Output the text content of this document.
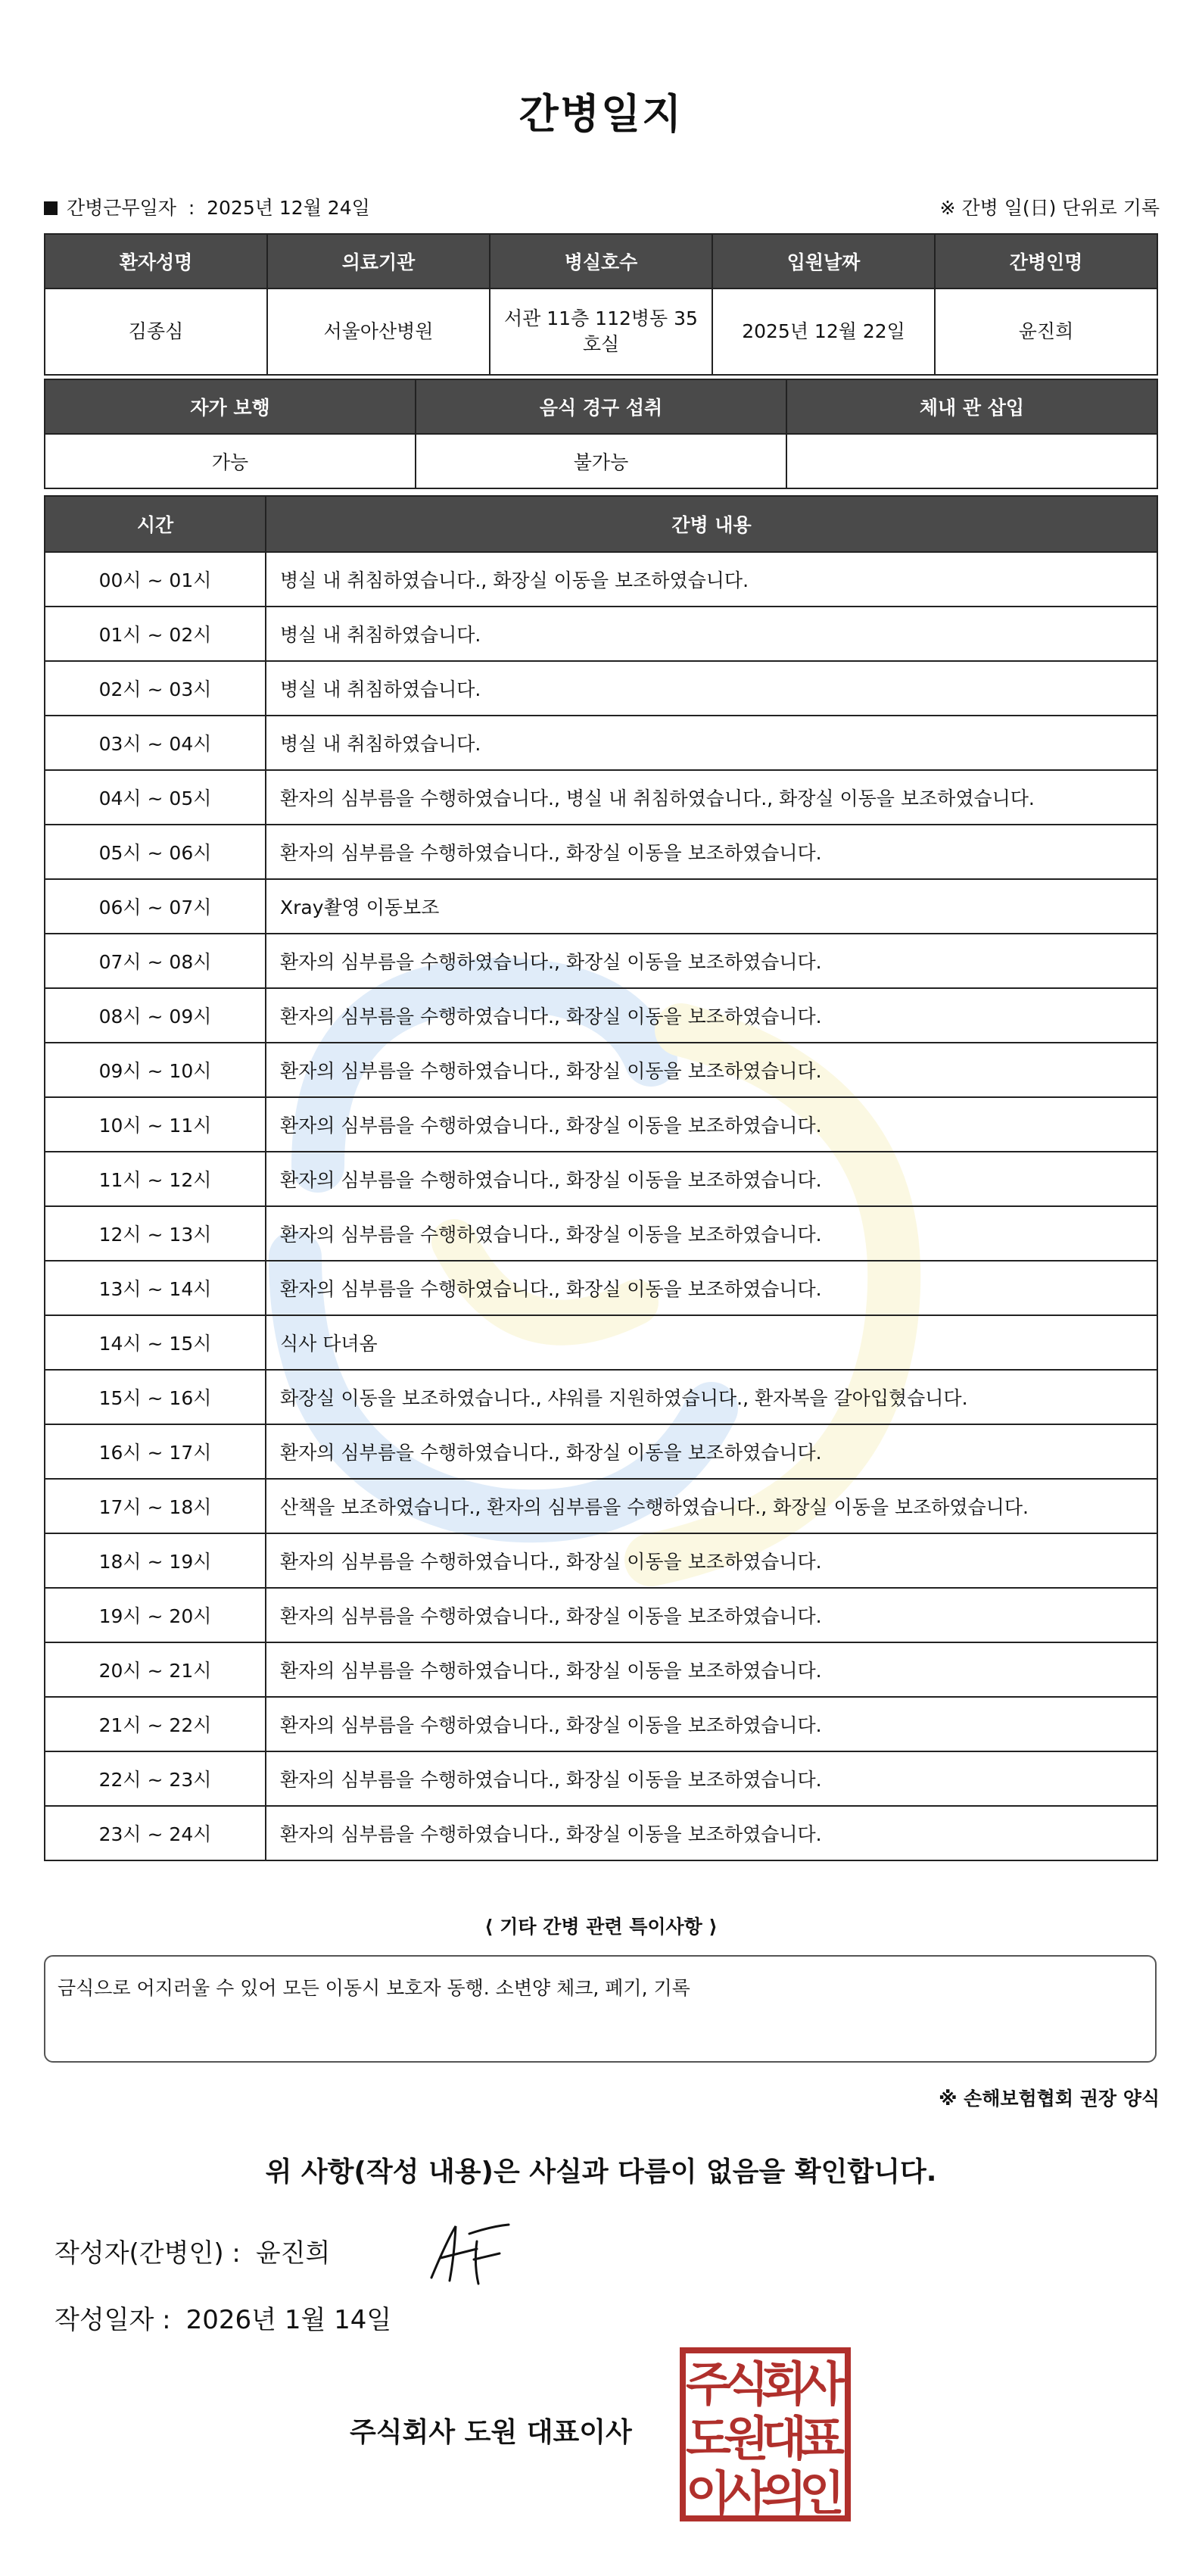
간병일지
간병근무일자 : 2025년 12월 24일	※ 간병 일(日) 단위로 기록
환자성명	의료기관	병실호수	입원날짜	간병인명
김종심	서울아산병원	서관 11층 112병동 35호실	2025년 12월 22일	윤진희
자가 보행	음식 경구 섭취	체내 관 삽입
가능	불가능	
시간	간병 내용
00시 ~ 01시	병실 내 취침하였습니다., 화장실 이동을 보조하였습니다.
01시 ~ 02시	병실 내 취침하였습니다.
02시 ~ 03시	병실 내 취침하였습니다.
03시 ~ 04시	병실 내 취침하였습니다.
04시 ~ 05시	환자의 심부름을 수행하였습니다., 병실 내 취침하였습니다., 화장실 이동을 보조하였습니다.
05시 ~ 06시	환자의 심부름을 수행하였습니다., 화장실 이동을 보조하였습니다.
06시 ~ 07시	Xray촬영 이동보조
07시 ~ 08시	환자의 심부름을 수행하였습니다., 화장실 이동을 보조하였습니다.
08시 ~ 09시	환자의 심부름을 수행하였습니다., 화장실 이동을 보조하였습니다.
09시 ~ 10시	환자의 심부름을 수행하였습니다., 화장실 이동을 보조하였습니다.
10시 ~ 11시	환자의 심부름을 수행하였습니다., 화장실 이동을 보조하였습니다.
11시 ~ 12시	환자의 심부름을 수행하였습니다., 화장실 이동을 보조하였습니다.
12시 ~ 13시	환자의 심부름을 수행하였습니다., 화장실 이동을 보조하였습니다.
13시 ~ 14시	환자의 심부름을 수행하였습니다., 화장실 이동을 보조하였습니다.
14시 ~ 15시	식사 다녀옴
15시 ~ 16시	화장실 이동을 보조하였습니다., 샤워를 지원하였습니다., 환자복을 갈아입혔습니다.
16시 ~ 17시	환자의 심부름을 수행하였습니다., 화장실 이동을 보조하였습니다.
17시 ~ 18시	산책을 보조하였습니다., 환자의 심부름을 수행하였습니다., 화장실 이동을 보조하였습니다.
18시 ~ 19시	환자의 심부름을 수행하였습니다., 화장실 이동을 보조하였습니다.
19시 ~ 20시	환자의 심부름을 수행하였습니다., 화장실 이동을 보조하였습니다.
20시 ~ 21시	환자의 심부름을 수행하였습니다., 화장실 이동을 보조하였습니다.
21시 ~ 22시	환자의 심부름을 수행하였습니다., 화장실 이동을 보조하였습니다.
22시 ~ 23시	환자의 심부름을 수행하였습니다., 화장실 이동을 보조하였습니다.
23시 ~ 24시	환자의 심부름을 수행하였습니다., 화장실 이동을 보조하였습니다.
⟨ 기타 간병 관련 특이사항 ⟩
금식으로 어지러울 수 있어 모든 이동시 보호자 동행. 소변양 체크, 폐기, 기록
※ 손해보험협회 권장 양식
위 사항(작성 내용)은 사실과 다름이 없음을 확인합니다.
작성자(간병인) : 윤진희
작성일자 : 2026년 1월 14일
주식회사 도원 대표이사
주
식
회
사
도
원
대
표
이
사
의
인
